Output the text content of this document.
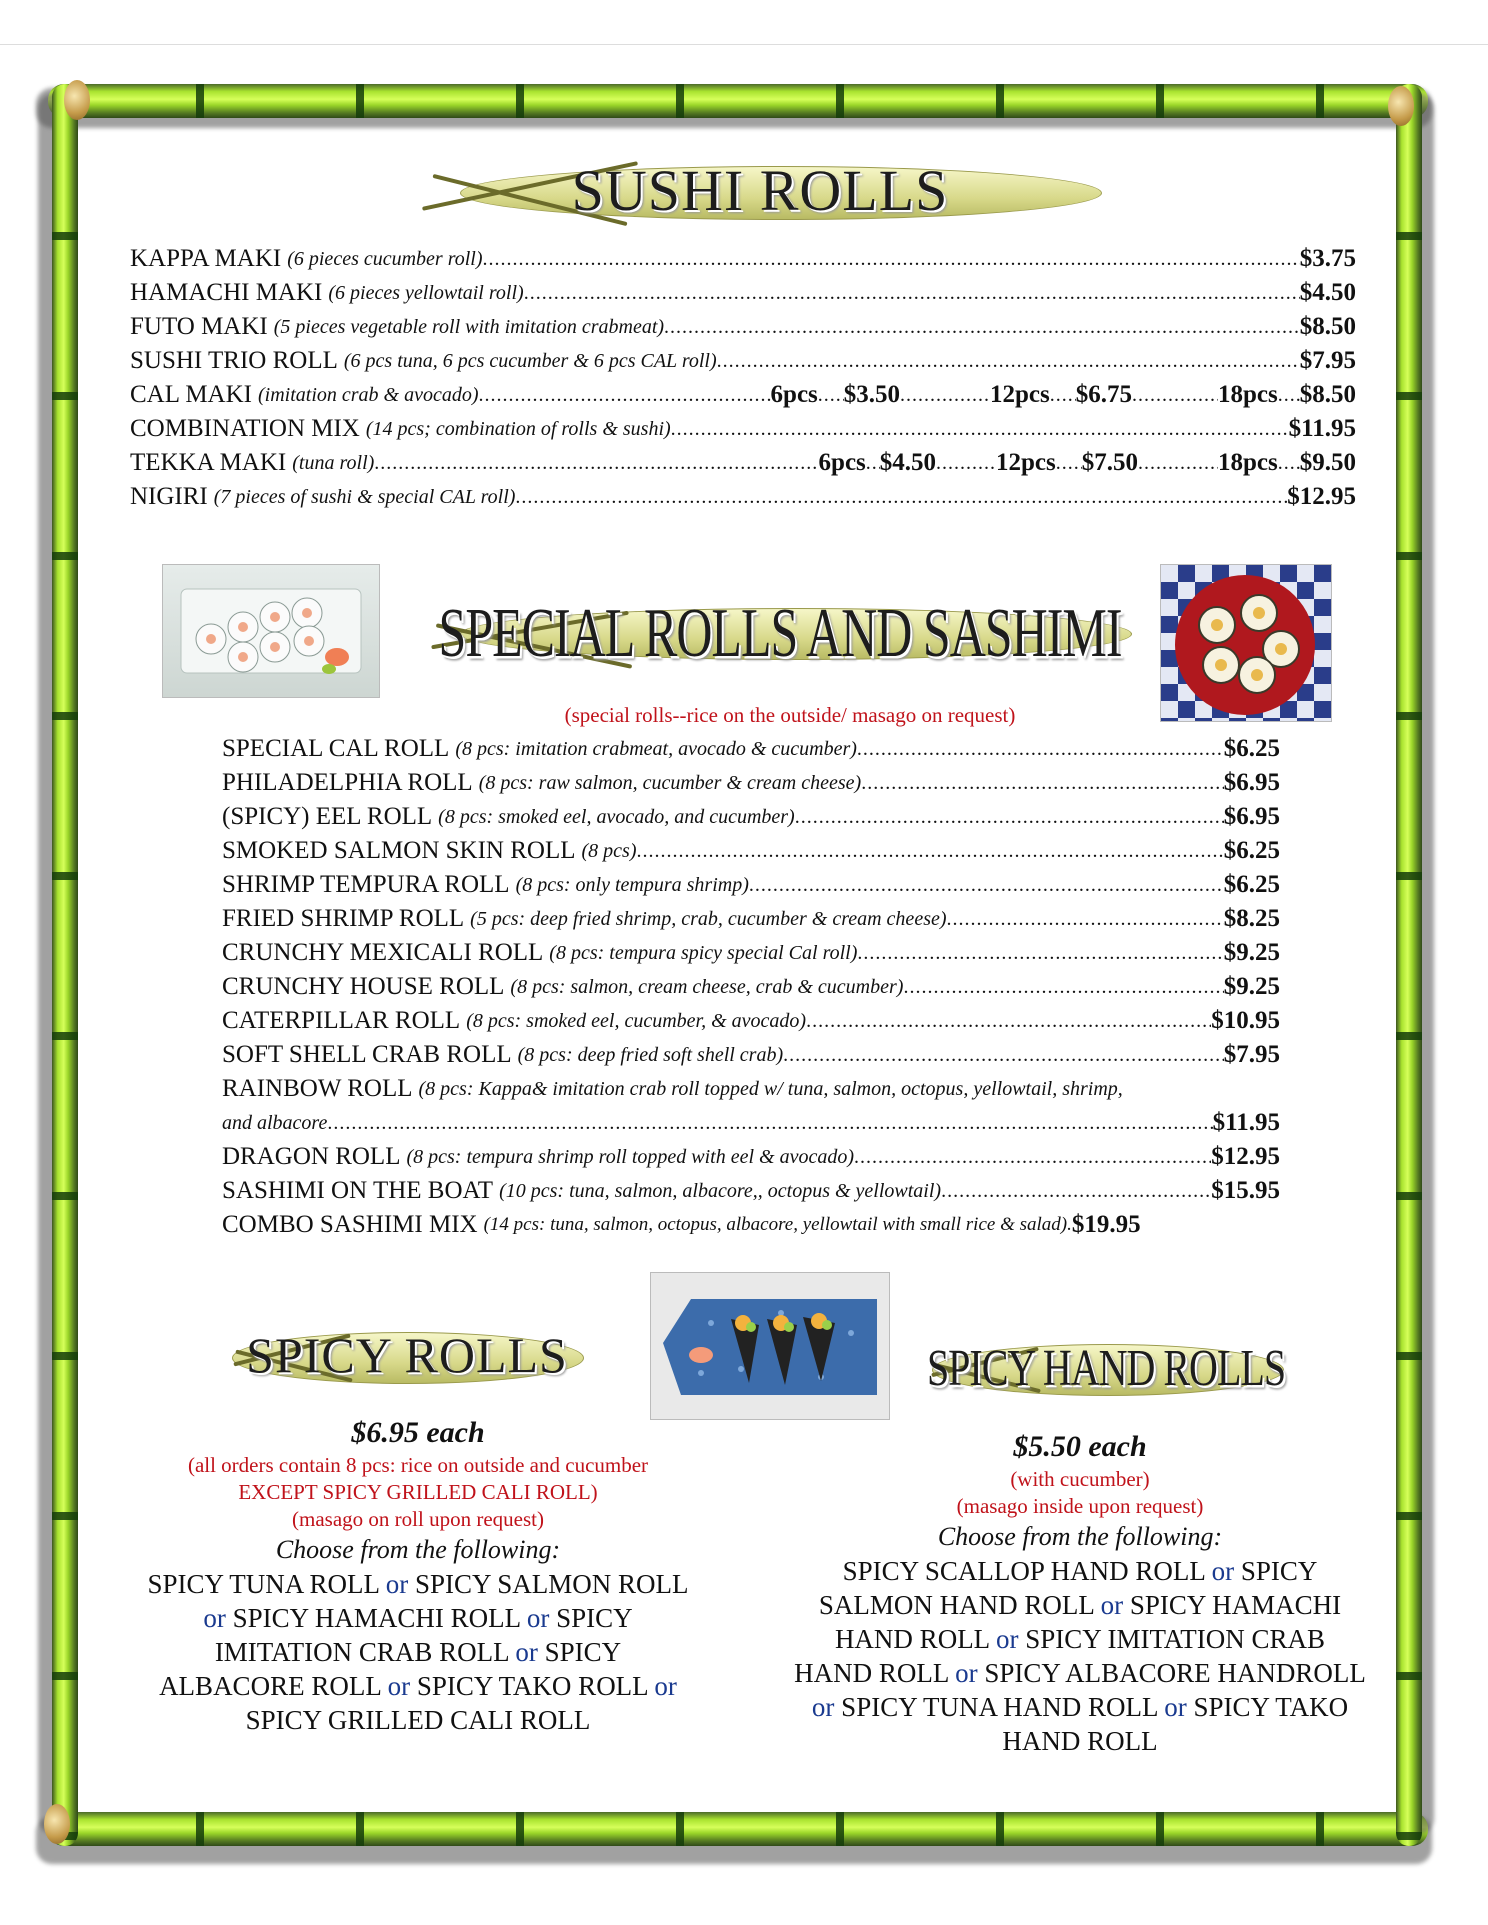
SUSHI ROLLS
KAPPA MAKI (6 pieces cucumber roll) .....	$3.75
HAMACHI MAKI (6 pieces yellowtail roll) .....	$4.50
FUTO MAKI (5 pieces vegetable roll with imitation crabmeat) .....	$8.50
SUSHI TRIO ROLL (6 pcs tuna, 6 pcs cucumber & 6 pcs CAL roll) .....	$7.95
CAL MAKI (imitation crab & avocado) .....	6pcs ..... $3.50 .....	12pcs ..... $6.75 .....	18pcs ..... $8.50
COMBINATION MIX (14 pcs; combination of rolls & sushi) .....	$11.95
TEKKA MAKI (tuna roll) .....	6pcs ..... $4.50 ..... 12pcs ..... $7.50 .....	18pcs ..... $9.50
NIGIRI (7 pieces of sushi & special CAL roll) .....	$12.95
SPECIAL ROLLS AND SASHIMI
(special rolls--rice on the outside/ masago on request)
SPECIAL CAL ROLL (8 pcs: imitation crabmeat, avocado & cucumber) .....	$6.25
PHILADELPHIA ROLL (8 pcs: raw salmon, cucumber & cream cheese) .....	$6.95
(SPICY) EEL ROLL (8 pcs: smoked eel, avocado, and cucumber) .....	$6.95
SMOKED SALMON SKIN ROLL (8 pcs) .....	$6.25
SHRIMP TEMPURA ROLL (8 pcs: only tempura shrimp) .....	$6.25
FRIED SHRIMP ROLL (5 pcs: deep fried shrimp, crab, cucumber & cream cheese) .....	$8.25
CRUNCHY MEXICALI ROLL (8 pcs: tempura spicy special Cal roll) .....	$9.25
CRUNCHY HOUSE ROLL (8 pcs: salmon, cream cheese, crab & cucumber) .....	$9.25
CATERPILLAR ROLL (8 pcs: smoked eel, cucumber, & avocado) .....	$10.95
SOFT SHELL CRAB ROLL (8 pcs: deep fried soft shell crab) .....	$7.95
RAINBOW ROLL (8 pcs: Kappa& imitation crab roll topped w/ tuna, salmon, octopus, yellowtail, shrimp,
and albacore .....	$11.95
DRAGON ROLL (8 pcs: tempura shrimp roll topped with eel & avocado) .....	$12.95
SASHIMI ON THE BOAT (10 pcs: tuna, salmon, albacore,, octopus & yellowtail) .....	$15.95
COMBO SASHIMI MIX (14 pcs: tuna, salmon, octopus, albacore, yellowtail with small rice & salad). $19.95
SPICY ROLLS	SPICY HAND ROLLS
$6.95 each
(all orders contain 8 pcs: rice on outside and cucumber
EXCEPT SPICY GRILLED CALI ROLL)
(masago on roll upon request)
Choose from the following:
SPICY TUNA ROLL or SPICY SALMON ROLL
or SPICY HAMACHI ROLL or SPICY
IMITATION CRAB ROLL or SPICY
ALBACORE ROLL or SPICY TAKO ROLL or
SPICY GRILLED CALI ROLL
$5.50 each
(with cucumber)
(masago inside upon request)
Choose from the following:
SPICY SCALLOP HAND ROLL or SPICY
SALMON HAND ROLL or SPICY HAMACHI
HAND ROLL or SPICY IMITATION CRAB
HAND ROLL or SPICY ALBACORE HANDROLL
or SPICY TUNA HAND ROLL or SPICY TAKO
HAND ROLL
